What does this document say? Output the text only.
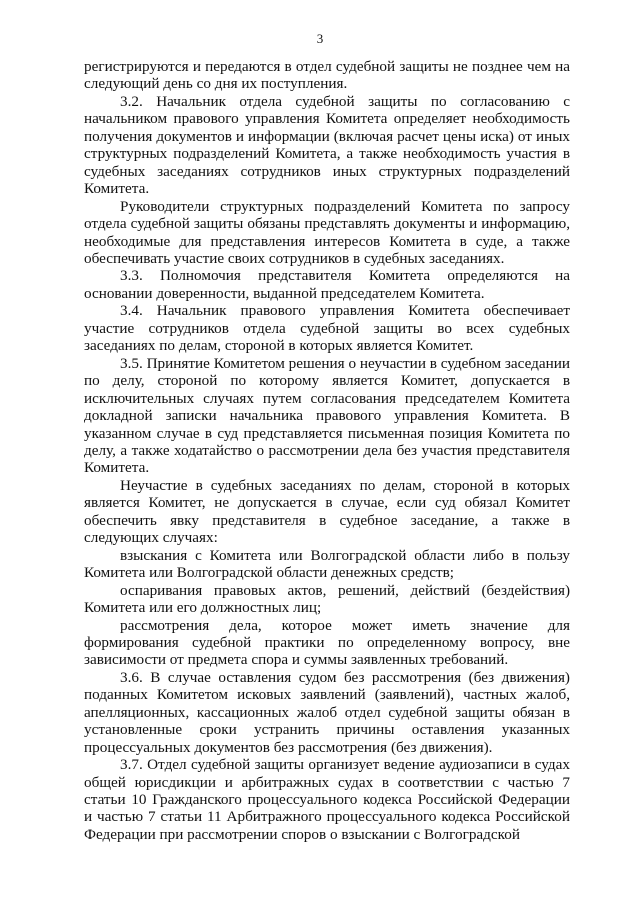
3

регистрируются и передаются в отдел судебной защиты не позднее чем на следующий день со дня их поступления.

3.2. Начальник отдела судебной защиты по согласованию с начальником правового управления Комитета определяет необходимость получения документов и информации (включая расчет цены иска) от иных структурных подразделений Комитета, а также необходимость участия в судебных заседаниях сотрудников иных структурных подразделений Комитета.

Руководители структурных подразделений Комитета по запросу отдела судебной защиты обязаны представлять документы и информацию, необходимые для представления интересов Комитета в суде, а также обеспечивать участие своих сотрудников в судебных заседаниях.

3.3. Полномочия представителя Комитета определяются на основании доверенности, выданной председателем Комитета.

3.4. Начальник правового управления Комитета обеспечивает участие сотрудников отдела судебной защиты во всех судебных заседаниях по делам, стороной в которых является Комитет.

3.5. Принятие Комитетом решения о неучастии в судебном заседании по делу, стороной по которому является Комитет, допускается в исключительных случаях путем согласования председателем Комитета докладной записки начальника правового управления Комитета. В указанном случае в суд представляется письменная позиция Комитета по делу, а также ходатайство о рассмотрении дела без участия представителя Комитета.

Неучастие в судебных заседаниях по делам, стороной в которых является Комитет, не допускается в случае, если суд обязал Комитет обеспечить явку представителя в судебное заседание, а также в следующих случаях:

взыскания с Комитета или Волгоградской области либо в пользу Комитета или Волгоградской области денежных средств;

оспаривания правовых актов, решений, действий (бездействия) Комитета или его должностных лиц;

рассмотрения дела, которое может иметь значение для формирования судебной практики по определенному вопросу, вне зависимости от предмета спора и суммы заявленных требований.

3.6. В случае оставления судом без рассмотрения (без движения) поданных Комитетом исковых заявлений (заявлений), частных жалоб, апелляционных, кассационных жалоб отдел судебной защиты обязан в установленные сроки устранить причины оставления указанных процессуальных документов без рассмотрения (без движения).

3.7. Отдел судебной защиты организует ведение аудиозаписи в судах общей юрисдикции и арбитражных судах в соответствии с частью 7 статьи 10 Гражданского процессуального кодекса Российской Федерации и частью 7 статьи 11 Арбитражного процессуального кодекса Российской Федерации при рассмотрении споров о взыскании с Волгоградской
